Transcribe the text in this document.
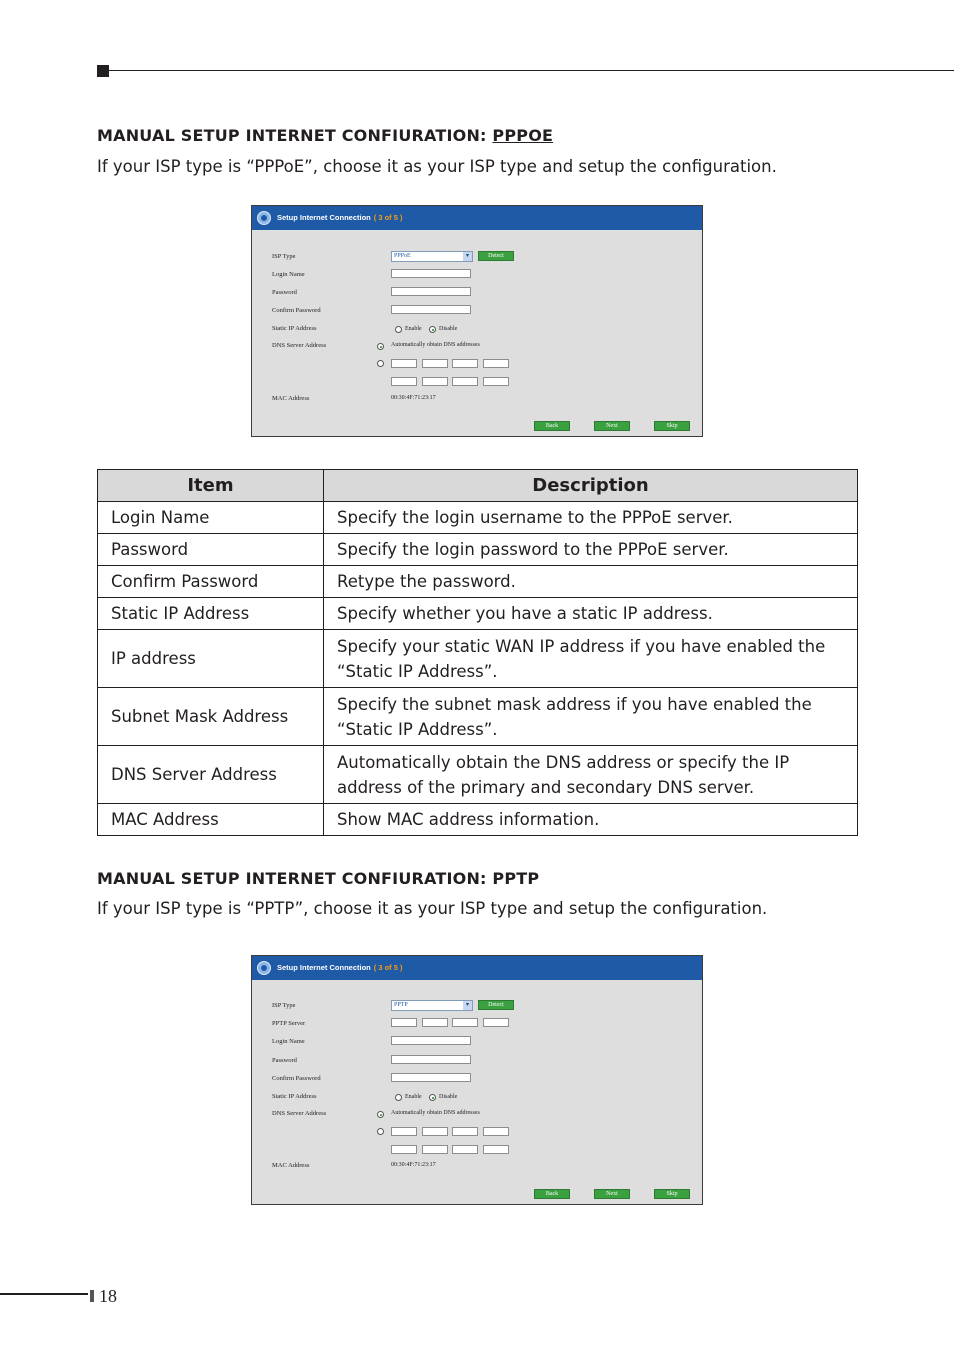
MANUAL SETUP INTERNET CONFIURATION: PPPOE
If your ISP type is “PPPoE”, choose it as your ISP type and setup the configuration.
Setup Internet Connection ( 3 of 5 )
ISP Type	PPPoE	▾	Detect
Login Name
Password
Confirm Password
Static IP Address	Enable	Disable
DNS Server Address	Automatically obtain DNS addresses
MAC Address	00:30:4F:71:23:17
Back	Next	Skip
Item	Description
Login Name	Specify the login username to the PPPoE server.
Password	Specify the login password to the PPPoE server.
Confirm Password	Retype the password.
Static IP Address	Specify whether you have a static IP address.
IP address	Specify your static WAN IP address if you have enabled the “Static IP Address”.
Subnet Mask Address	Specify the subnet mask address if you have enabled the “Static IP Address”.
DNS Server Address	Automatically obtain the DNS address or specify the IP address of the primary and secondary DNS server.
MAC Address	Show MAC address information.
MANUAL SETUP INTERNET CONFIURATION: PPTP
If your ISP type is “PPTP”, choose it as your ISP type and setup the configuration.
Setup Internet Connection ( 3 of 5 )
ISP Type	PPTP	▾	Detect
PPTP Server
Login Name
Password
Confirm Password
Static IP Address	Enable	Disable
DNS Server Address	Automatically obtain DNS addresses
MAC Address	00:30:4F:71:23:17
Back	Next	Skip
18
